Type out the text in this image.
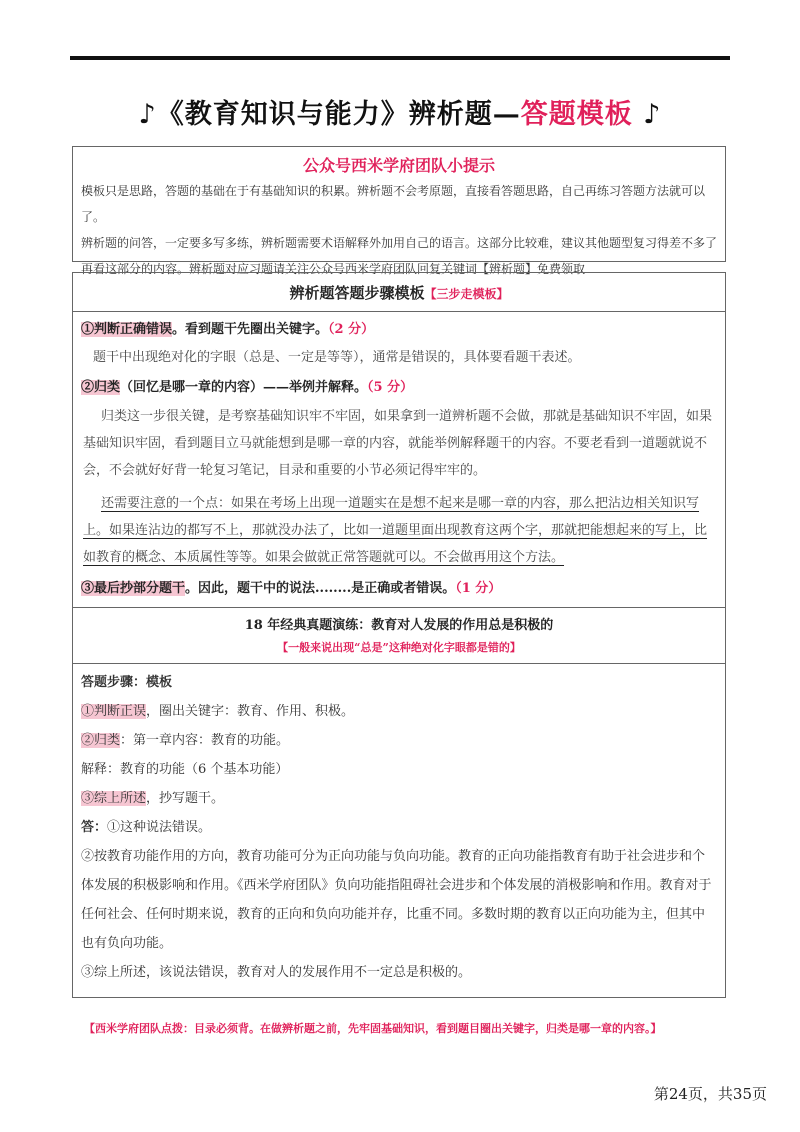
♪《教育知识与能力》辨析题—答题模板 ♪
公众号西米学府团队小提示
模板只是思路，答题的基础在于有基础知识的积累。辨析题不会考原题，直接看答题思路，自己再练习答题方法就可以了。
辨析题的问答，一定要多写多练，辨析题需要术语解释外加用自己的语言。这部分比较难，建议其他题型复习得差不多了
再看这部分的内容。辨析题对应习题请关注公众号西米学府团队回复关键词【辨析题】免费领取
辨析题答题步骤模板【三步走模板】
①判断正确错误。看到题干先圈出关键字。（2 分）
题干中出现绝对化的字眼（总是、一定是等等），通常是错误的，具体要看题干表述。
②归类（回忆是哪一章的内容）——举例并解释。（5 分）
归类这一步很关键，是考察基础知识牢不牢固，如果拿到一道辨析题不会做，那就是基础知识不牢固，如果基础知识牢固，看到题目立马就能想到是哪一章的内容，就能举例解释题干的内容。不要老看到一道题就说不会，不会就好好背一轮复习笔记，目录和重要的小节必须记得牢牢的。
还需要注意的一个点：如果在考场上出现一道题实在是想不起来是哪一章的内容，那么把沾边相关知识写上。如果连沾边的都写不上，那就没办法了，比如一道题里面出现教育这两个字，那就把能想起来的写上，比如教育的概念、本质属性等等。如果会做就正常答题就可以。不会做再用这个方法。
③最后抄部分题干。因此，题干中的说法........是正确或者错误。（1 分）
18 年经典真题演练：教育对人发展的作用总是积极的
【一般来说出现“总是”这种绝对化字眼都是错的】
答题步骤：模板
①判断正误，圈出关键字：教育、作用、积极。
②归类：第一章内容：教育的功能。
解释：教育的功能（6 个基本功能）
③综上所述，抄写题干。
答：①这种说法错误。
②按教育功能作用的方向，教育功能可分为正向功能与负向功能。教育的正向功能指教育有助于社会进步和个体发展的积极影响和作用。《西米学府团队》负向功能指阻碍社会进步和个体发展的消极影响和作用。教育对于任何社会、任何时期来说，教育的正向和负向功能并存，比重不同。多数时期的教育以正向功能为主，但其中也有负向功能。
③综上所述，该说法错误，教育对人的发展作用不一定总是积极的。
【西米学府团队点拨：目录必须背。在做辨析题之前，先牢固基础知识，看到题目圈出关键字，归类是哪一章的内容。】
第24页，共35页
